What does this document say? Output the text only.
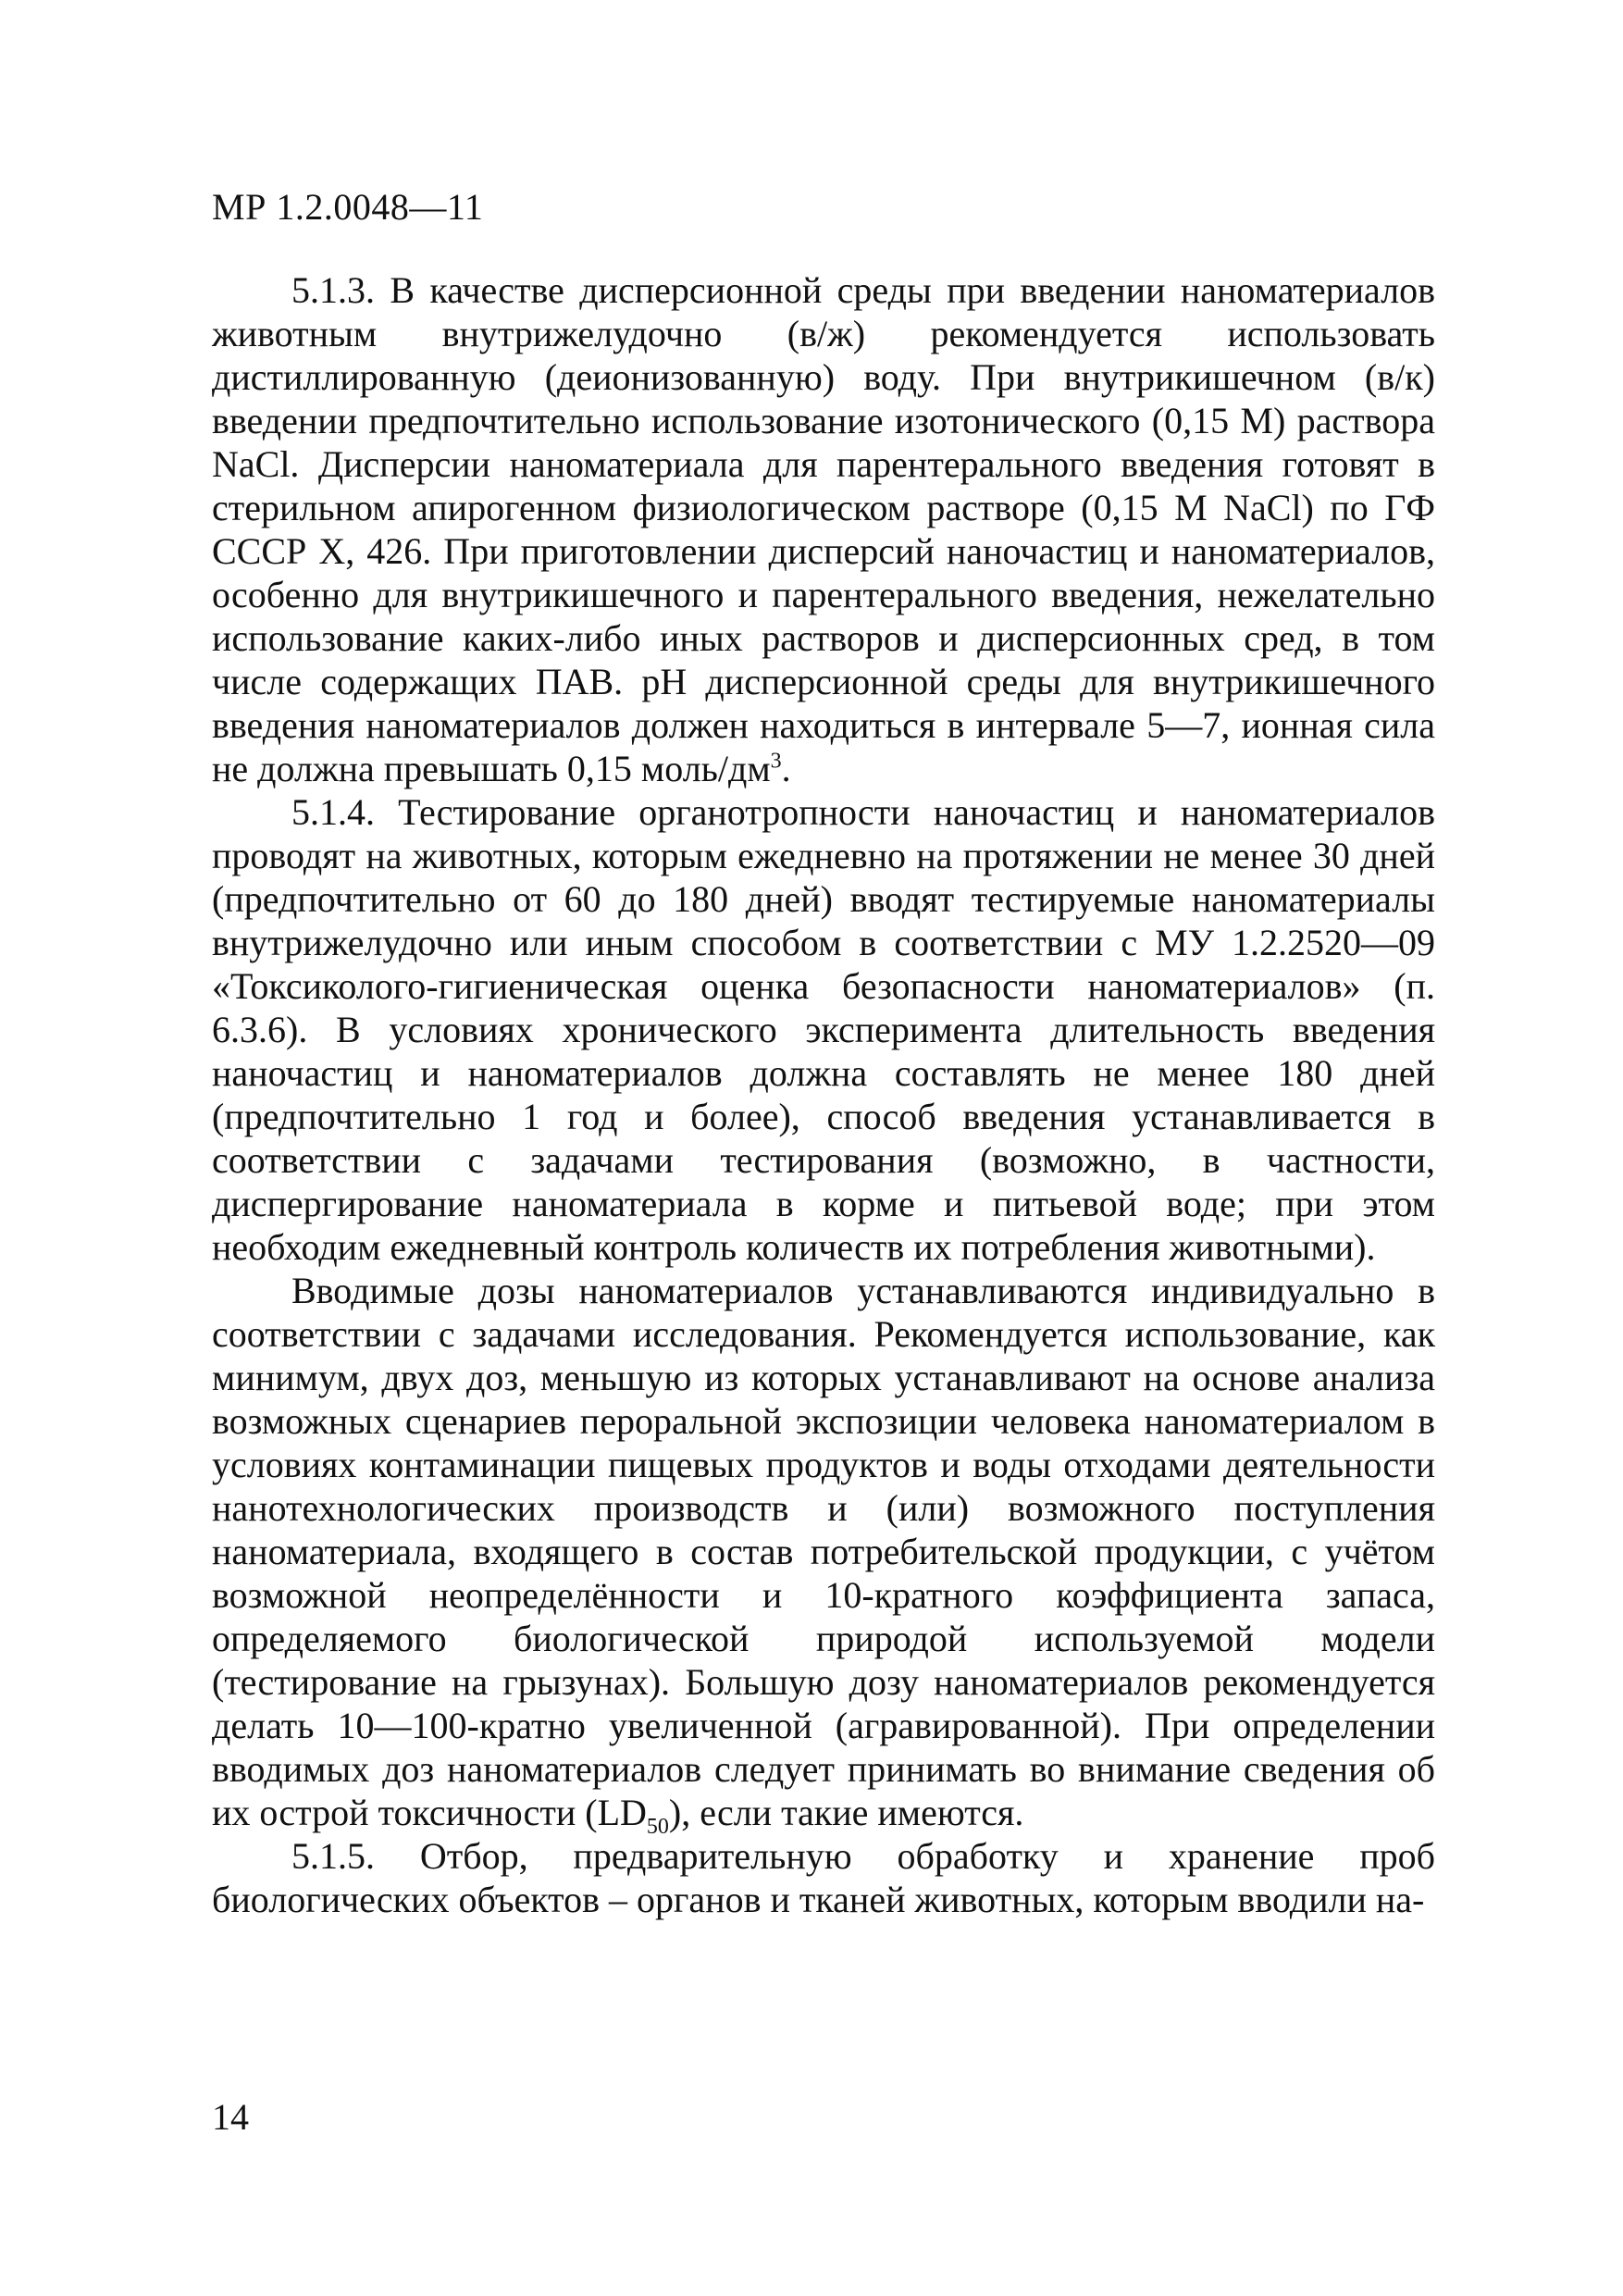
МР 1.2.0048—11

5.1.3. В качестве дисперсионной среды при введении наноматериалов животным внутрижелудочно (в/ж) рекомендуется использовать дистиллированную (деионизованную) воду. При внутрикишечном (в/к) введении предпочтительно использование изотонического (0,15 М) раствора NaCl. Дисперсии наноматериала для парентерального введения готовят в стерильном апирогенном физиологическом растворе (0,15 М NaCl) по ГФ СССР X, 426. При приготовлении дисперсий наночастиц и наноматериалов, особенно для внутрикишечного и парентерального введения, нежелательно использование каких-либо иных растворов и дисперсионных сред, в том числе содержащих ПАВ. pH дисперсионной среды для внутрикишечного введения наноматериалов должен находиться в интервале 5—7, ионная сила не должна превышать 0,15 моль/$дм^3$.

5.1.4. Тестирование органотропности наночастиц и наноматериалов проводят на животных, которым ежедневно на протяжении не менее 30 дней (предпочтительно от 60 до 180 дней) вводят тестируемые наноматериалы внутрижелудочно или иным способом в соответствии с МУ 1.2.2520—09 «Токсиколого-гигиеническая оценка безопасности наноматериалов» (п. 6.3.6). В условиях хронического эксперимента длительность введения наночастиц и наноматериалов должна составлять не менее 180 дней (предпочтительно 1 год и более), способ введения устанавливается в соответствии с задачами тестирования (возможно, в частности, диспергирование наноматериала в корме и питьевой воде; при этом необходим ежедневный контроль количеств их потребления животными).

Вводимые дозы наноматериалов устанавливаются индивидуально в соответствии с задачами исследования. Рекомендуется использование, как минимум, двух доз, меньшую из которых устанавливают на основе анализа возможных сценариев пероральной экспозиции человека наноматериалом в условиях контаминации пищевых продуктов и воды отходами деятельности нанотехнологических производств и (или) возможного поступления наноматериала, входящего в состав потребительской продукции, с учётом возможной неопределённости и 10-кратного коэффициента запаса, определяемого биологической природой используемой модели (тестирование на грызунах). Большую дозу наноматериалов рекомендуется делать 10—100-кратно увеличенной (агравированной). При определении вводимых доз наноматериалов следует принимать во внимание сведения об их острой токсичности $(LD_{50})$, если такие имеются.

5.1.5. Отбор, предварительную обработку и хранение проб биологических объектов – органов и тканей животных, которым вводили на-

14
